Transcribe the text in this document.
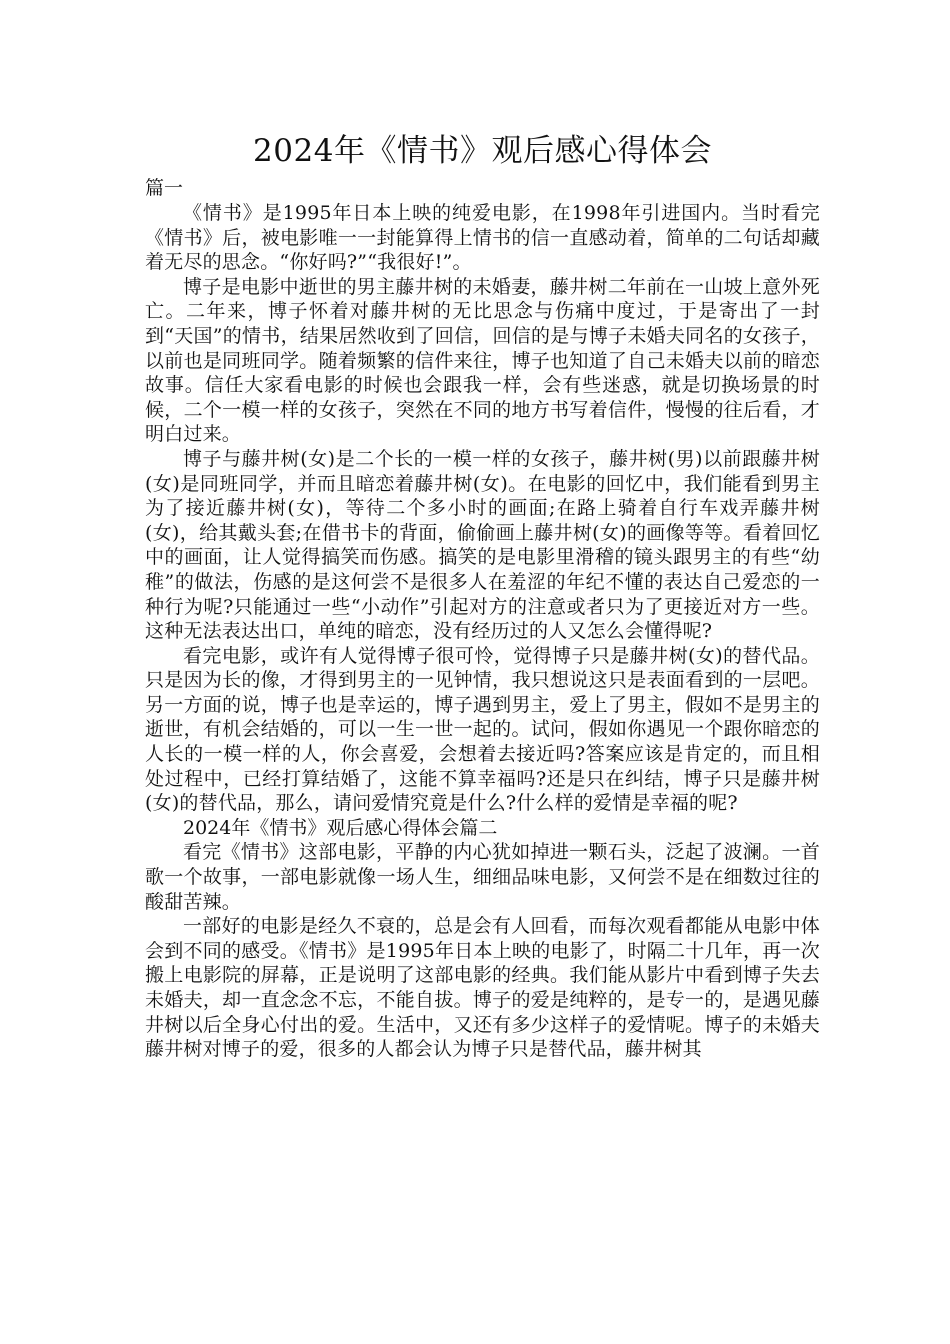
2024年《情书》观后感心得体会

篇一

《情书》是1995年日本上映的纯爱电影，在1998年引进国内。当时看完《情书》后，被电影唯一一封能算得上情书的信一直感动着，简单的二句话却藏着无尽的思念。“你好吗?”“我很好!”。

博子是电影中逝世的男主藤井树的未婚妻，藤井树二年前在一山坡上意外死亡。二年来，博子怀着对藤井树的无比思念与伤痛中度过，于是寄出了一封到“天国”的情书，结果居然收到了回信，回信的是与博子未婚夫同名的女孩子，以前也是同班同学。随着频繁的信件来往，博子也知道了自己未婚夫以前的暗恋故事。信任大家看电影的时候也会跟我一样，会有些迷惑，就是切换场景的时候，二个一模一样的女孩子，突然在不同的地方书写着信件，慢慢的往后看，才明白过来。

博子与藤井树(女)是二个长的一模一样的女孩子，藤井树(男)以前跟藤井树(女)是同班同学，并而且暗恋着藤井树(女)。在电影的回忆中，我们能看到男主为了接近藤井树(女)，等待二个多小时的画面;在路上骑着自行车戏弄藤井树(女)，给其戴头套;在借书卡的背面，偷偷画上藤井树(女)的画像等等。看着回忆中的画面，让人觉得搞笑而伤感。搞笑的是电影里滑稽的镜头跟男主的有些“幼稚”的做法，伤感的是这何尝不是很多人在羞涩的年纪不懂的表达自己爱恋的一种行为呢?只能通过一些“小动作”引起对方的注意或者只为了更接近对方一些。这种无法表达出口，单纯的暗恋，没有经历过的人又怎么会懂得呢?

看完电影，或许有人觉得博子很可怜，觉得博子只是藤井树(女)的替代品。只是因为长的像，才得到男主的一见钟情，我只想说这只是表面看到的一层吧。另一方面的说，博子也是幸运的，博子遇到男主，爱上了男主，假如不是男主的逝世，有机会结婚的，可以一生一世一起的。试问，假如你遇见一个跟你暗恋的人长的一模一样的人，你会喜爱，会想着去接近吗?答案应该是肯定的，而且相处过程中，已经打算结婚了，这能不算幸福吗?还是只在纠结，博子只是藤井树(女)的替代品，那么，请问爱情究竟是什么?什么样的爱情是幸福的呢?

2024年《情书》观后感心得体会篇二

看完《情书》这部电影，平静的内心犹如掉进一颗石头，泛起了波澜。一首歌一个故事，一部电影就像一场人生，细细品味电影，又何尝不是在细数过往的酸甜苦辣。

一部好的电影是经久不衰的，总是会有人回看，而每次观看都能从电影中体会到不同的感受。《情书》是1995年日本上映的电影了，时隔二十几年，再一次搬上电影院的屏幕，正是说明了这部电影的经典。我们能从影片中看到博子失去未婚夫，却一直念念不忘，不能自拔。博子的爱是纯粹的，是专一的，是遇见藤井树以后全身心付出的爱。生活中，又还有多少这样子的爱情呢。博子的未婚夫藤井树对博子的爱，很多的人都会认为博子只是替代品，藤井树其
